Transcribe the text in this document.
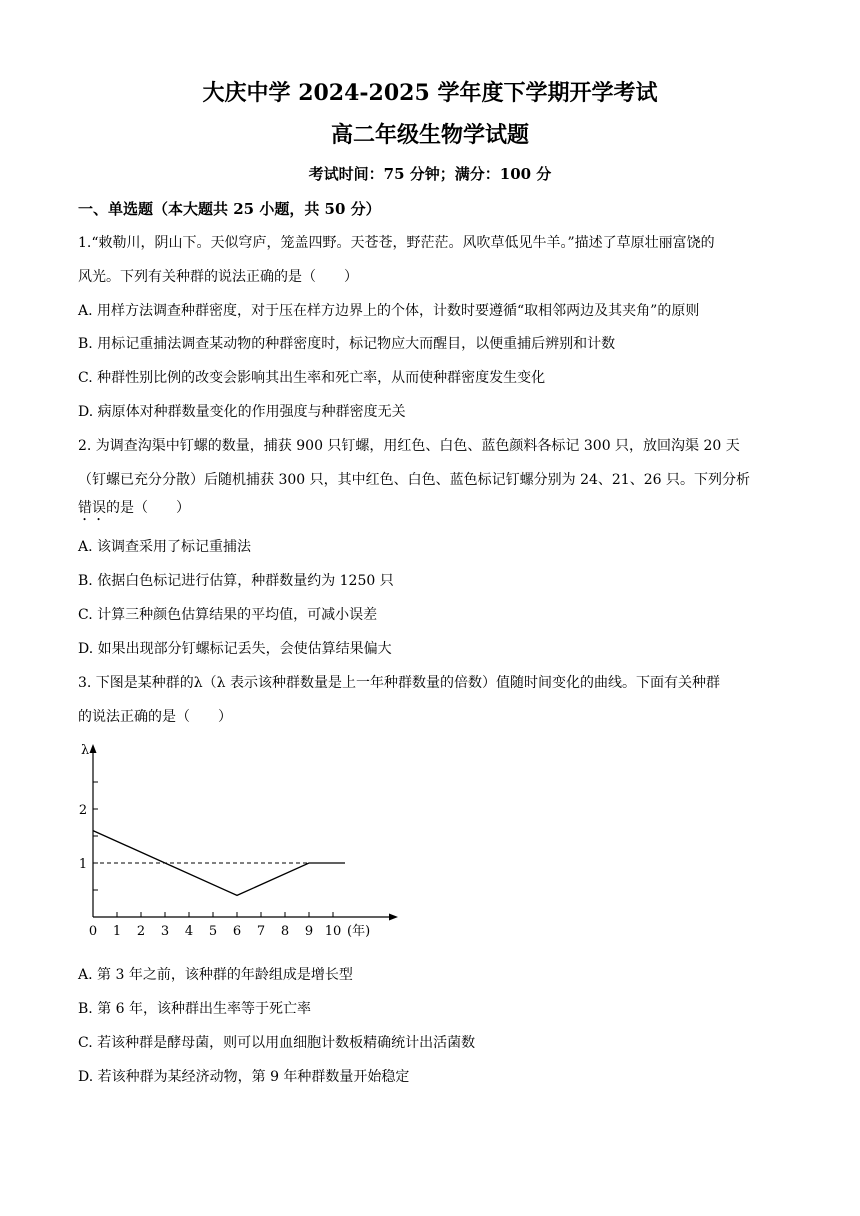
大庆中学 2024-2025 学年度下学期开学考试
高二年级生物学试题
考试时间：75 分钟；满分：100 分
一、单选题（本大题共 25 小题，共 50 分）
1.“敕勒川，阴山下。天似穹庐，笼盖四野。天苍苍，野茫茫。风吹草低见牛羊。”描述了草原壮丽富饶的
风光。下列有关种群的说法正确的是（　　）
A. 用样方法调查种群密度，对于压在样方边界上的个体，计数时要遵循“取相邻两边及其夹角”的原则
B. 用标记重捕法调查某动物的种群密度时，标记物应大而醒目，以便重捕后辨别和计数
C. 种群性别比例的改变会影响其出生率和死亡率，从而使种群密度发生变化
D. 病原体对种群数量变化的作用强度与种群密度无关
2. 为调查沟渠中钉螺的数量，捕获 900 只钉螺，用红色、白色、蓝色颜料各标记 300 只，放回沟渠 20 天
（钉螺已充分分散）后随机捕获 300 只，其中红色、白色、蓝色标记钉螺分别为 24、21、26 只。下列分析
错误的是（　　）
A. 该调查采用了标记重捕法
B. 依据白色标记进行估算，种群数量约为 1250 只
C. 计算三种颜色估算结果的平均值，可减小误差
D. 如果出现部分钉螺标记丢失，会使估算结果偏大
3. 下图是某种群的λ（λ 表示该种群数量是上一年种群数量的倍数）值随时间变化的曲线。下面有关种群
的说法正确的是（　　）
λ
0 1 2 3 4 5 6 7 8 9 10 (年)
1
2
A. 第 3 年之前，该种群的年龄组成是增长型
B. 第 6 年，该种群出生率等于死亡率
C. 若该种群是酵母菌，则可以用血细胞计数板精确统计出活菌数
D. 若该种群为某经济动物，第 9 年种群数量开始稳定
